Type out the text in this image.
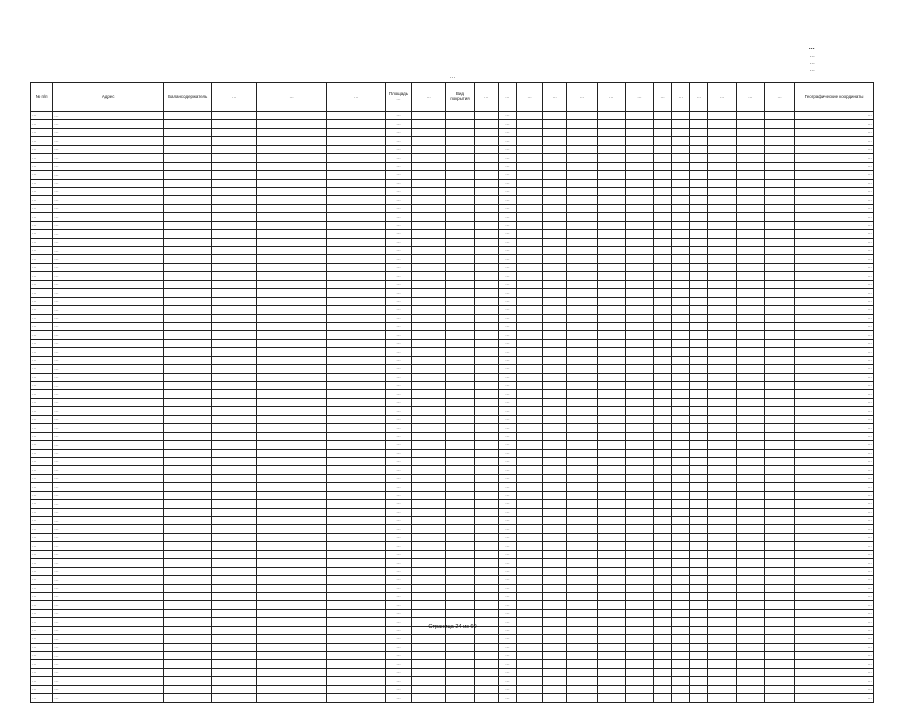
…
…
…
…
…
№ п/п	Адрес	Балансодержатель	…	…	…	Площадь …	…	Вид покрытия	…	…	…	…	…	…	…	…	…	…	…	…	…	Географические координаты
…	…					…				…												…
…	…					…				…												…
…	…					…				…												…
…	…					…				…												…
…	…					…				…												…
…	…					…				…												…
…	…					…				…												…
…	…					…				…												…
…	…					…				…												…
…	…					…				…												…
…	…					…				…												…
…	…					…				…												…
…	…					…				…												…
…	…					…				…												…
…	…					…				…												…
…	…					…				…												…
…	…					…				…												…
…	…					…				…												…
…	…					…				…												…
…	…					…				…												…
…	…					…				…												…
…	…					…				…												…
…	…					…				…												…
…	…					…				…												…
…	…					…				…												…
…	…					…				…												…
…	…					…				…												…
…	…					…				…												…
…	…					…				…												…
…	…					…				…												…
…	…					…				…												…
…	…					…				…												…
…	…					…				…												…
…	…					…				…												…
…	…					…				…												…
…	…					…				…												…
…	…					…				…												…
…	…					…				…												…
…	…					…				…												…
…	…					…				…												…
…	…					…				…												…
…	…					…				…												…
…	…					…				…												…
…	…					…				…												…
…	…					…				…												…
…	…					…				…												…
…	…					…				…												…
…	…					…				…												…
…	…					…				…												…
…	…					…				…												…
…	…					…				…												…
…	…					…				…												…
…	…					…				…												…
…	…					…				…												…
…	…					…				…												…
…	…					…				…												…
…	…					…				…												…
…	…					…				…												…
…	…					…				…												…
…	…					…				…												…
…	…					…				…												…
…	…					…				…												…
…	…					…				…												…
…	…					…				…												…
…	…					…				…												…
…	…					…				…												…
…	…					…				…												…
…	…					…				…												…
…	…					…				…												…
…	…					…				…												…
Страница 24 из 60
